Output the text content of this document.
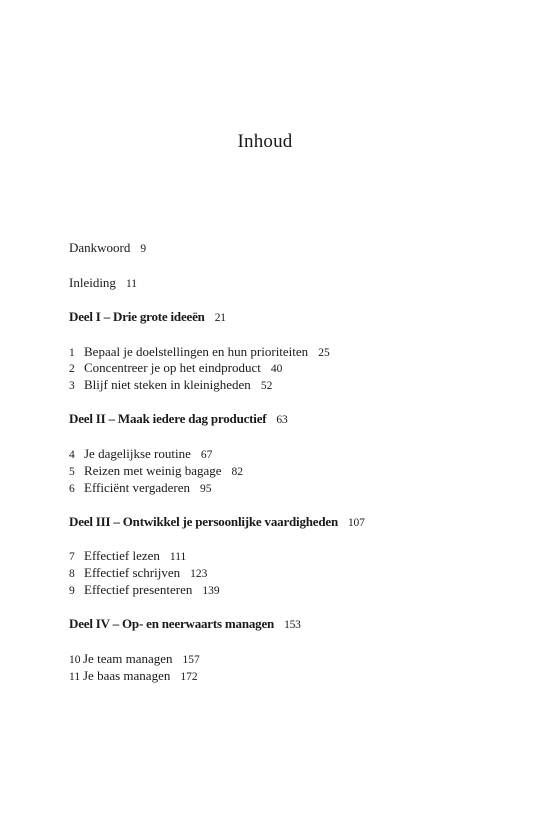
Inhoud
Dankwoord 9
Inleiding 11
Deel I – Drie grote ideeën 21
1 Bepaal je doelstellingen en hun prioriteiten 25
2 Concentreer je op het eindproduct 40
3 Blijf niet steken in kleinigheden 52
Deel II – Maak iedere dag productief 63
4 Je dagelijkse routine 67
5 Reizen met weinig bagage 82
6 Efficiënt vergaderen 95
Deel III – Ontwikkel je persoonlijke vaardigheden 107
7 Effectief lezen 111
8 Effectief schrijven 123
9 Effectief presenteren 139
Deel IV – Op- en neerwaarts managen 153
10 Je team managen 157
11 Je baas managen 172
